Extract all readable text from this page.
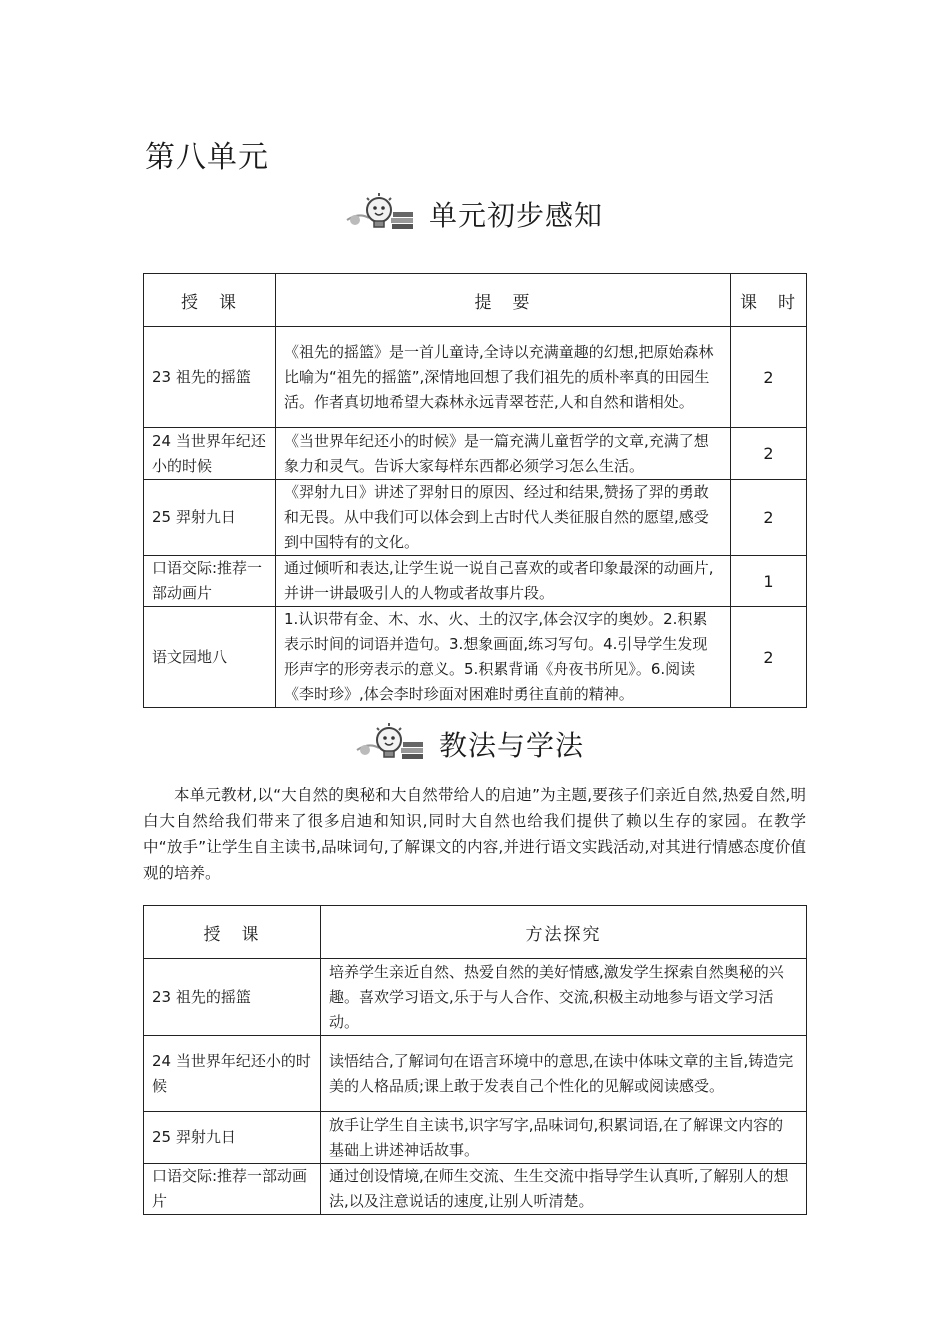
第八单元
单元初步感知
授　课	提　要	课　时
23 祖先的摇篮	《祖先的摇篮》是一首儿童诗,全诗以充满童趣的幻想,把原始森林比喻为“祖先的摇篮”,深情地回想了我们祖先的质朴率真的田园生活。作者真切地希望大森林永远青翠苍茫,人和自然和谐相处。	2
24 当世界年纪还小的时候	《当世界年纪还小的时候》是一篇充满儿童哲学的文章,充满了想象力和灵气。告诉大家每样东西都必须学习怎么生活。	2
25 羿射九日	《羿射九日》讲述了羿射日的原因、经过和结果,赞扬了羿的勇敢和无畏。从中我们可以体会到上古时代人类征服自然的愿望,感受到中国特有的文化。	2
口语交际:推荐一部动画片	通过倾听和表达,让学生说一说自己喜欢的或者印象最深的动画片,并讲一讲最吸引人的人物或者故事片段。	1
语文园地八	1.认识带有金、木、水、火、土的汉字,体会汉字的奥妙。2.积累表示时间的词语并造句。3.想象画面,练习写句。4.引导学生发现形声字的形旁表示的意义。5.积累背诵《舟夜书所见》。6.阅读《李时珍》,体会李时珍面对困难时勇往直前的精神。	2
教法与学法

本单元教材,以“大自然的奥秘和大自然带给人的启迪”为主题,要孩子们亲近自然,热爱自然,明白大自然给我们带来了很多启迪和知识,同时大自然也给我们提供了赖以生存的家园。在教学中“放手”让学生自主读书,品味词句,了解课文的内容,并进行语文实践活动,对其进行情感态度价值观的培养。

授　课	方法探究
23 祖先的摇篮	培养学生亲近自然、热爱自然的美好情感,激发学生探索自然奥秘的兴趣。喜欢学习语文,乐于与人合作、交流,积极主动地参与语文学习活动。
24 当世界年纪还小的时候	读悟结合,了解词句在语言环境中的意思,在读中体味文章的主旨,铸造完美的人格品质;课上敢于发表自己个性化的见解或阅读感受。
25 羿射九日	放手让学生自主读书,识字写字,品味词句,积累词语,在了解课文内容的基础上讲述神话故事。
口语交际:推荐一部动画片	通过创设情境,在师生交流、生生交流中指导学生认真听,了解别人的想法,以及注意说话的速度,让别人听清楚。
